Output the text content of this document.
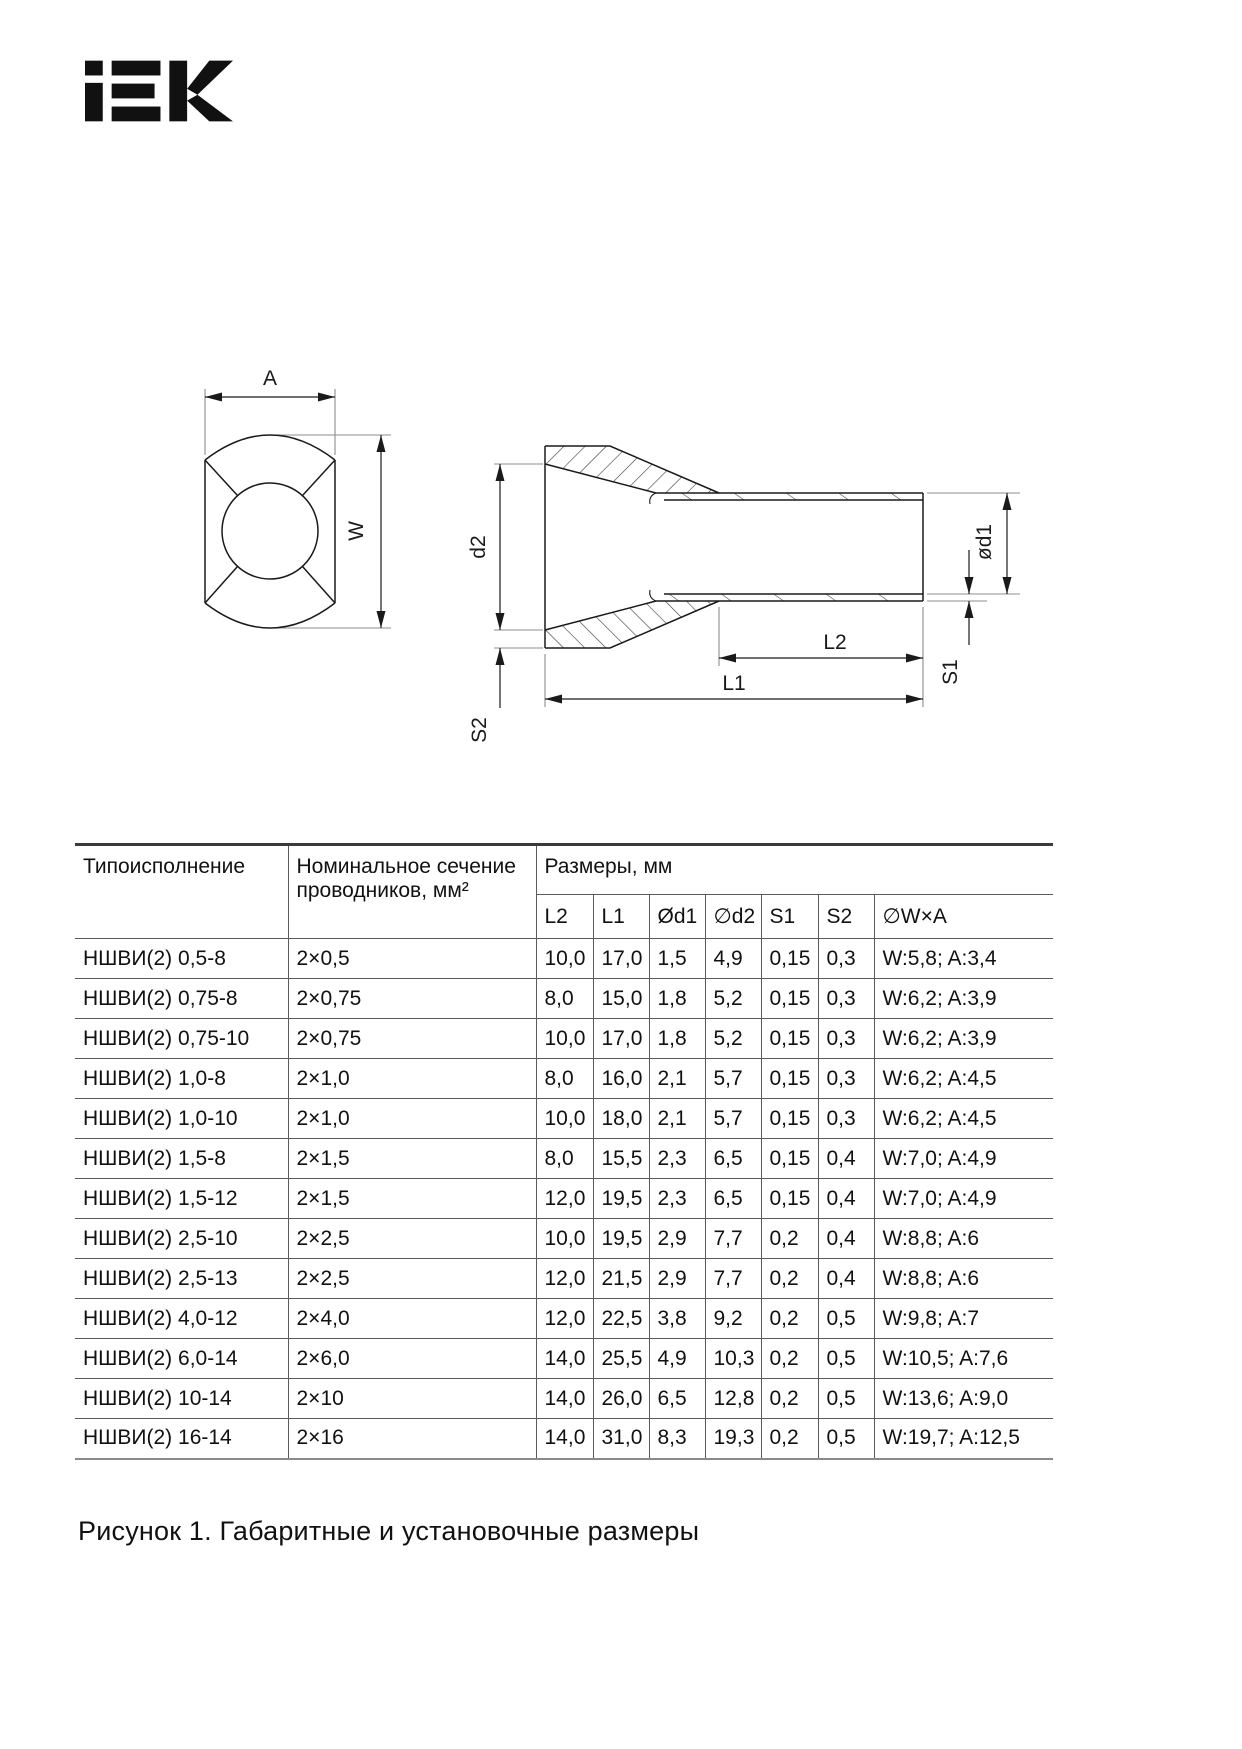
A
W
d2
S2
L2
L1	S1
ød1
Типоисполнение	Номинальное сечение проводников, мм²	Размеры, мм						
		L2	L1	Ød1	∅d2	S1	S2	∅W×A
НШВИ(2) 0,5-8	2×0,5	10,0	17,0	1,5	4,9	0,15	0,3	W:5,8; A:3,4
НШВИ(2) 0,75-8	2×0,75	8,0	15,0	1,8	5,2	0,15	0,3	W:6,2; A:3,9
НШВИ(2) 0,75-10	2×0,75	10,0	17,0	1,8	5,2	0,15	0,3	W:6,2; A:3,9
НШВИ(2) 1,0-8	2×1,0	8,0	16,0	2,1	5,7	0,15	0,3	W:6,2; A:4,5
НШВИ(2) 1,0-10	2×1,0	10,0	18,0	2,1	5,7	0,15	0,3	W:6,2; A:4,5
НШВИ(2) 1,5-8	2×1,5	8,0	15,5	2,3	6,5	0,15	0,4	W:7,0; A:4,9
НШВИ(2) 1,5-12	2×1,5	12,0	19,5	2,3	6,5	0,15	0,4	W:7,0; A:4,9
НШВИ(2) 2,5-10	2×2,5	10,0	19,5	2,9	7,7	0,2	0,4	W:8,8; A:6
НШВИ(2) 2,5-13	2×2,5	12,0	21,5	2,9	7,7	0,2	0,4	W:8,8; A:6
НШВИ(2) 4,0-12	2×4,0	12,0	22,5	3,8	9,2	0,2	0,5	W:9,8; A:7
НШВИ(2) 6,0-14	2×6,0	14,0	25,5	4,9	10,3	0,2	0,5	W:10,5; A:7,6
НШВИ(2) 10-14	2×10	14,0	26,0	6,5	12,8	0,2	0,5	W:13,6; A:9,0
НШВИ(2) 16-14	2×16	14,0	31,0	8,3	19,3	0,2	0,5	W:19,7; A:12,5
Рисунок 1. Габаритные и установочные размеры
